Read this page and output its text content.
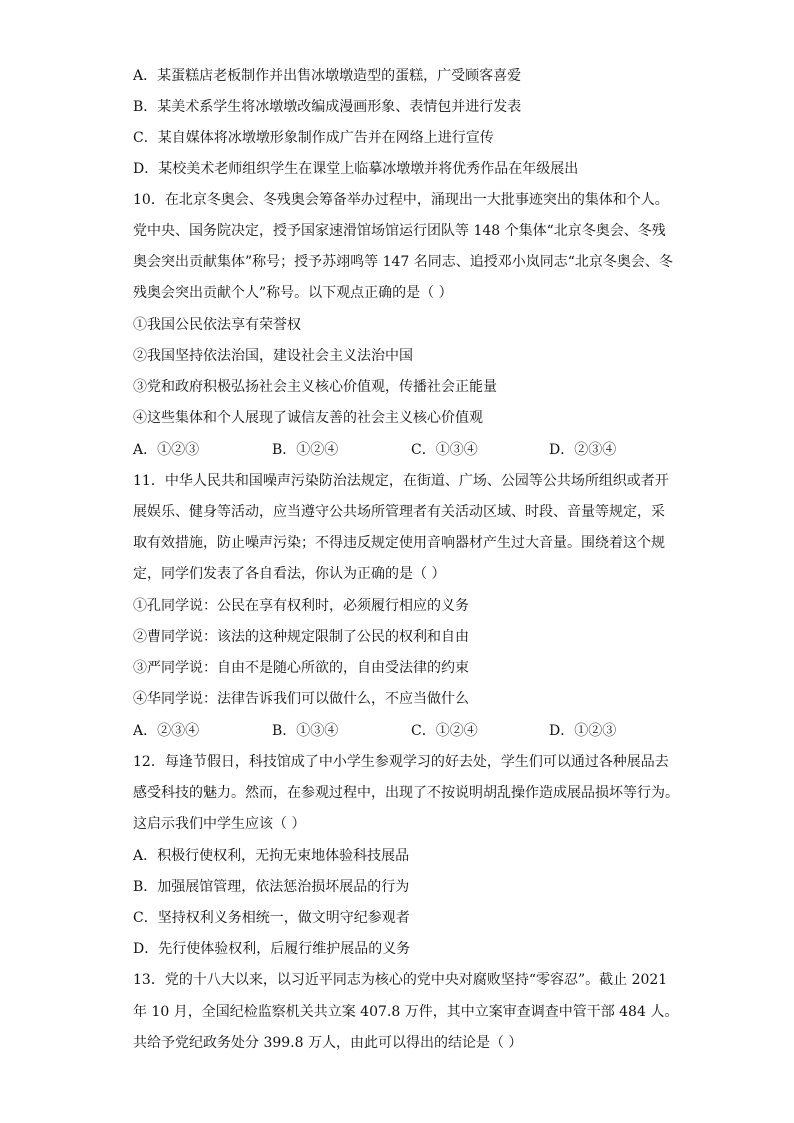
A．某蛋糕店老板制作并出售冰墩墩造型的蛋糕，广受顾客喜爱
B．某美术系学生将冰墩墩改编成漫画形象、表情包并进行发表
C．某自媒体将冰墩墩形象制作成广告并在网络上进行宣传
D．某校美术老师组织学生在课堂上临摹冰墩墩并将优秀作品在年级展出
10．在北京冬奥会、冬残奥会筹备举办过程中，涌现出一大批事迹突出的集体和个人。
党中央、国务院决定，授予国家速滑馆场馆运行团队等 148 个集体“北京冬奥会、冬残
奥会突出贡献集体”称号；授予苏翊鸣等 147 名同志、追授邓小岚同志“北京冬奥会、冬
残奥会突出贡献个人”称号。以下观点正确的是（ ）
①我国公民依法享有荣誉权
②我国坚持依法治国，建设社会主义法治中国
③党和政府积极弘扬社会主义核心价值观，传播社会正能量
④这些集体和个人展现了诚信友善的社会主义核心价值观
A．①②③	B．①②④	C．①③④	D．②③④
11．中华人民共和国噪声污染防治法规定，在街道、广场、公园等公共场所组织或者开
展娱乐、健身等活动，应当遵守公共场所管理者有关活动区域、时段、音量等规定，采
取有效措施，防止噪声污染；不得违反规定使用音响器材产生过大音量。围绕着这个规
定，同学们发表了各自看法，你认为正确的是（ ）
①孔同学说：公民在享有权利时，必须履行相应的义务
②曹同学说：该法的这种规定限制了公民的权利和自由
③严同学说：自由不是随心所欲的，自由受法律的约束
④华同学说：法律告诉我们可以做什么，不应当做什么
A．②③④	B．①③④	C．①②④	D．①②③
12．每逢节假日，科技馆成了中小学生参观学习的好去处，学生们可以通过各种展品去
感受科技的魅力。然而，在参观过程中，出现了不按说明胡乱操作造成展品损坏等行为。
这启示我们中学生应该（ ）
A．积极行使权利，无拘无束地体验科技展品
B．加强展馆管理，依法惩治损坏展品的行为
C．坚持权利义务相统一，做文明守纪参观者
D．先行使体验权利，后履行维护展品的义务
13．党的十八大以来，以习近平同志为核心的党中央对腐败坚持“零容忍”。截止 2021
年 10 月，全国纪检监察机关共立案 407.8 万件，其中立案审查调查中管干部 484 人。
共给予党纪政务处分 399.8 万人，由此可以得出的结论是（ ）
